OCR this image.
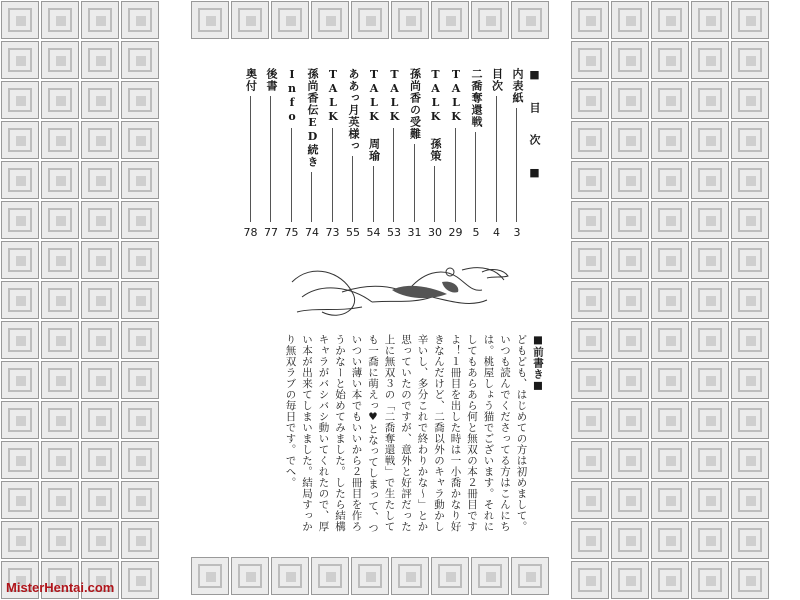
■ 目 次 ■
内表紙
3
目次
4
二喬奪還戦
5
TALK
29
TALK 孫策
30
孫尚香の受難
31
TALK
53
TALK 周瑜
54
ああっ月英様っ
55
TALK
73
孫尚香伝ED続き
74
Info
75
後書
77
奥付
78
■前書き■
どもども、はじめての方は初めまして。
いつも読んでくださってる方はこんにち
は。桃屋しょう猫でございます。それに
してもあらあら何と無双の本２冊目です
よ！１冊目を出した時は一小喬かなり好
きなんだけど、二喬以外のキャラ動かし
辛いし、多分これで終わりかな〜」とか
思っていたのですが、意外と好評だった
上に無双３の「二喬奪還戦」で生たして
も一喬に萌えっ♥となってしまって、つ
いつい薄い本でもいいから２冊目を作ろ
うかなーと始めてみました。したら結構
キャラがバシバシ動いてくれたので、厚
い本が出来てしまいました。結局すっか
り無双ラブの毎日です。でへ。
MisterHentai.com
